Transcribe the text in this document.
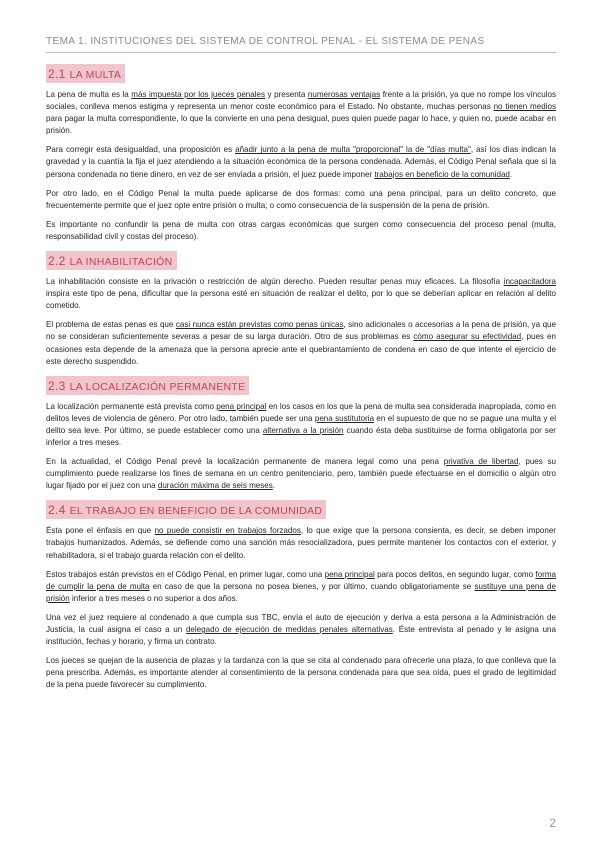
TEMA 1. INSTITUCIONES DEL SISTEMA DE CONTROL PENAL - EL SISTEMA DE PENAS
2.1 LA MULTA

La pena de multa es la más impuesta por los jueces penales y presenta numerosas ventajas frente a la prisión, ya que no rompe los vínculos sociales, conlleva menos estigma y representa un menor coste económico para el Estado. No obstante, muchas personas no tienen medios para pagar la multa correspondiente, lo que la convierte en una pena desigual, pues quien puede pagar lo hace, y quien no, puede acabar en prisión.

Para corregir esta desigualdad, una proposición es añadir junto a la pena de multa "proporcional" la de "días multa", así los días indican la gravedad y la cuantía la fija el juez atendiendo a la situación económica de la persona condenada. Además, el Código Penal señala que si la persona condenada no tiene dinero, en vez de ser enviada a prisión, el juez puede imponer trabajos en beneficio de la comunidad.

Por otro lado, en el Código Penal la multa puede aplicarse de dos formas: como una pena principal, para un delito concreto, que frecuentemente permite que el juez opte entre prisión o multa; o como consecuencia de la suspensión de la pena de prisión.

Es importante no confundir la pena de multa con otras cargas económicas que surgen como consecuencia del proceso penal (multa, responsabilidad civil y costas del proceso).

2.2 LA INHABILITACIÓN

La inhabilitación consiste en la privación o restricción de algún derecho. Pueden resultar penas muy eficaces. La filosofía incapacitadora inspira este tipo de pena, dificultar que la persona esté en situación de realizar el delito, por lo que se deberían aplicar en relación al delito cometido.

El problema de estas penas es que casi nunca están previstas como penas únicas, sino adicionales o accesorias a la pena de prisión, ya que no se consideran suficientemente severas a pesar de su larga duración. Otro de sus problemas es cómo asegurar su efectividad, pues en ocasiones esta depende de la amenaza que la persona aprecie ante el quebrantamiento de condena en caso de que intente el ejercicio de este derecho suspendido.

2.3 LA LOCALIZACIÓN PERMANENTE

La localización permanente está prevista como pena principal en los casos en los que la pena de multa sea considerada inapropiada, como en delitos leves de violencia de género. Por otro lado, también puede ser una pena sustitutoria en el supuesto de que no se pague una multa y el delito sea leve. Por último, se puede establecer como una alternativa a la prisión cuando ésta deba sustituirse de forma obligatoria por ser inferior a tres meses.

En la actualidad, el Código Penal prevé la localización permanente de manera legal como una pena privativa de libertad, pues su cumplimiento puede realizarse los fines de semana en un centro penitenciario, pero, también puede efectuarse en el domicilio o algún otro lugar fijado por el juez con una duración máxima de seis meses.

2.4 EL TRABAJO EN BENEFICIO DE LA COMUNIDAD

Ésta pone el énfasis en que no puede consistir en trabajos forzados, lo que exige que la persona consienta, es decir, se deben imponer trabajos humanizados. Además, se defiende como una sanción más resocializadora, pues permite mantener los contactos con el exterior, y rehabilitadora, si el trabajo guarda relación con el delito.

Estos trabajos están previstos en el Código Penal, en primer lugar, como una pena principal para pocos delitos, en segundo lugar, como forma de cumplir la pena de multa en caso de que la persona no posea bienes, y por último, cuando obligatoriamente se sustituye una pena de prisión inferior a tres meses o no superior a dos años.

Una vez el juez requiere al condenado a que cumpla sus TBC, envía el auto de ejecución y deriva a esta persona a la Administración de Justicia, la cual asigna el caso a un delegado de ejecución de medidas penales alternativas. Éste entrevista al penado y le asigna una institución, fechas y horario, y firma un contrato.

Los jueces se quejan de la ausencia de plazas y la tardanza con la que se cita al condenado para ofrecerle una plaza, lo que conlleva que la pena prescriba. Además, es importante atender al consentimiento de la persona condenada para que sea oída, pues el grado de legitimidad de la pena puede favorecer su cumplimiento.

2
